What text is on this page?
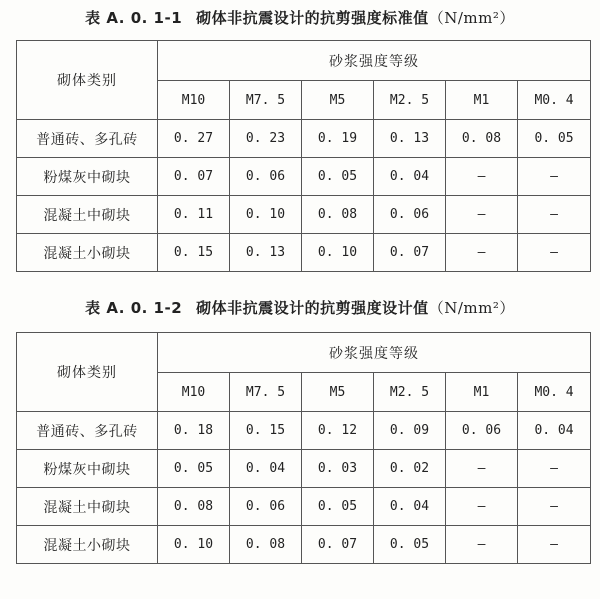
表 A. 0. 1-1 砌体非抗震设计的抗剪强度标准值（N/mm²）
砌体类别	砂浆强度等级					
	M10	M7. 5	M5	M2. 5	M1	M0. 4
普通砖、多孔砖	0. 27	0. 23	0. 19	0. 13	0. 08	0. 05
粉煤灰中砌块	0. 07	0. 06	0. 05	0. 04	—	—
混凝土中砌块	0. 11	0. 10	0. 08	0. 06	—	—
混凝土小砌块	0. 15	0. 13	0. 10	0. 07	—	—
表 A. 0. 1-2 砌体非抗震设计的抗剪强度设计值（N/mm²）
砌体类别	砂浆强度等级					
	M10	M7. 5	M5	M2. 5	M1	M0. 4
普通砖、多孔砖	0. 18	0. 15	0. 12	0. 09	0. 06	0. 04
粉煤灰中砌块	0. 05	0. 04	0. 03	0. 02	—	—
混凝土中砌块	0. 08	0. 06	0. 05	0. 04	—	—
混凝土小砌块	0. 10	0. 08	0. 07	0. 05	—	—
